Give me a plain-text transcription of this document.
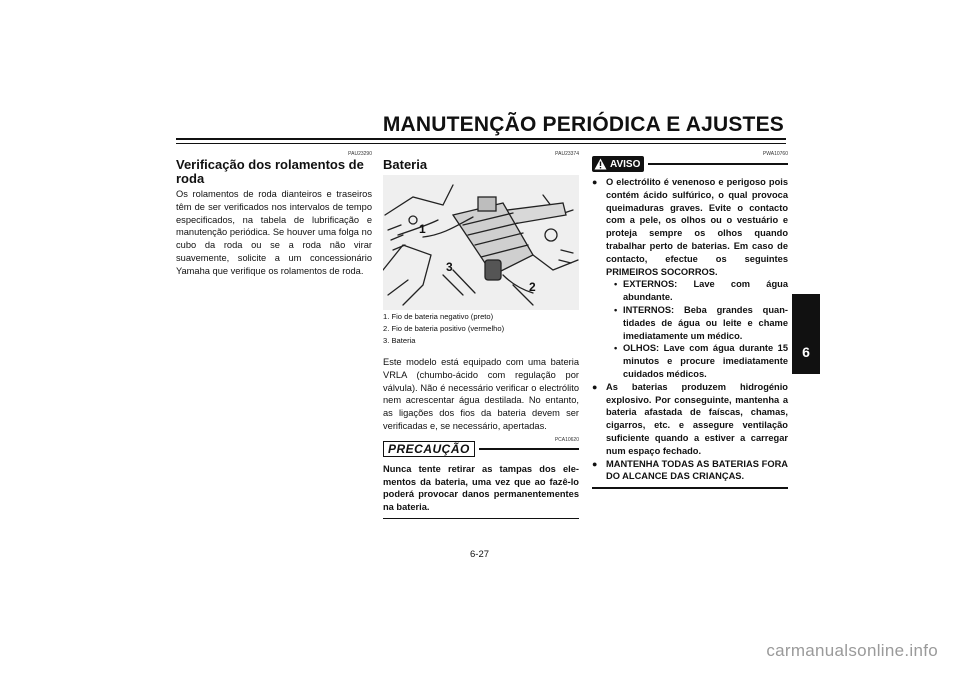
MANUTENÇÃO PERIÓDICA E AJUSTES
PAU23290
Verificação dos rolamentos de
roda
Os rolamentos de roda dianteiros e traseiros têm de ser verificados nos intervalos de tempo especificados, na tabela de lubrificação e manutenção periódica. Se houver uma folga no cubo da roda ou se a roda não virar suavemente, solicite a um concessionário Yamaha que verifique os rolamentos de roda.
PAU23374
Bateria
1
2
3
1. Fio de bateria negativo (preto)
2. Fio de bateria positivo (vermelho)
3. Bateria
Este modelo está equipado com uma bateria VRLA (chumbo-ácido com regulação por válvula). Não é necessário verificar o electrólito nem acrescentar água destilada. No entanto, as ligações dos fios da bateria devem ser verificadas e, se necessário, apertadas.
PCA10620
PRECAUÇÃO
Nunca tente retirar as tampas dos elementos da bateria, uma vez que ao fazê-lo poderá provocar danos permanentementes na bateria.
PWA10760
AVISO
● O electrólito é venenoso e perigoso pois contém ácido sulfúrico, o qual provoca queimaduras graves. Evite o contacto com a pele, os olhos ou o vestuário e proteja sempre os olhos quando trabalhar perto de baterias. Em caso de contacto, efectue os seguintes PRIMEIROS SOCORROS.
• EXTERNOS: Lave com água abundante.
• INTERNOS: Beba grandes quantidades de água ou leite e chame imediatamente um médico.
• OLHOS: Lave com água durante 15 minutos e procure imediatamente cuidados médicos.
● As baterias produzem hidrogénio explosivo. Por conseguinte, mantenha a bateria afastada de faíscas, chamas, cigarros, etc. e assegure ventilação suficiente quando a estiver a carregar num espaço fechado.
● MANTENHA TODAS AS BATERIAS FORA DO ALCANCE DAS CRIANÇAS.
6
6-27
carmanualsonline.info
